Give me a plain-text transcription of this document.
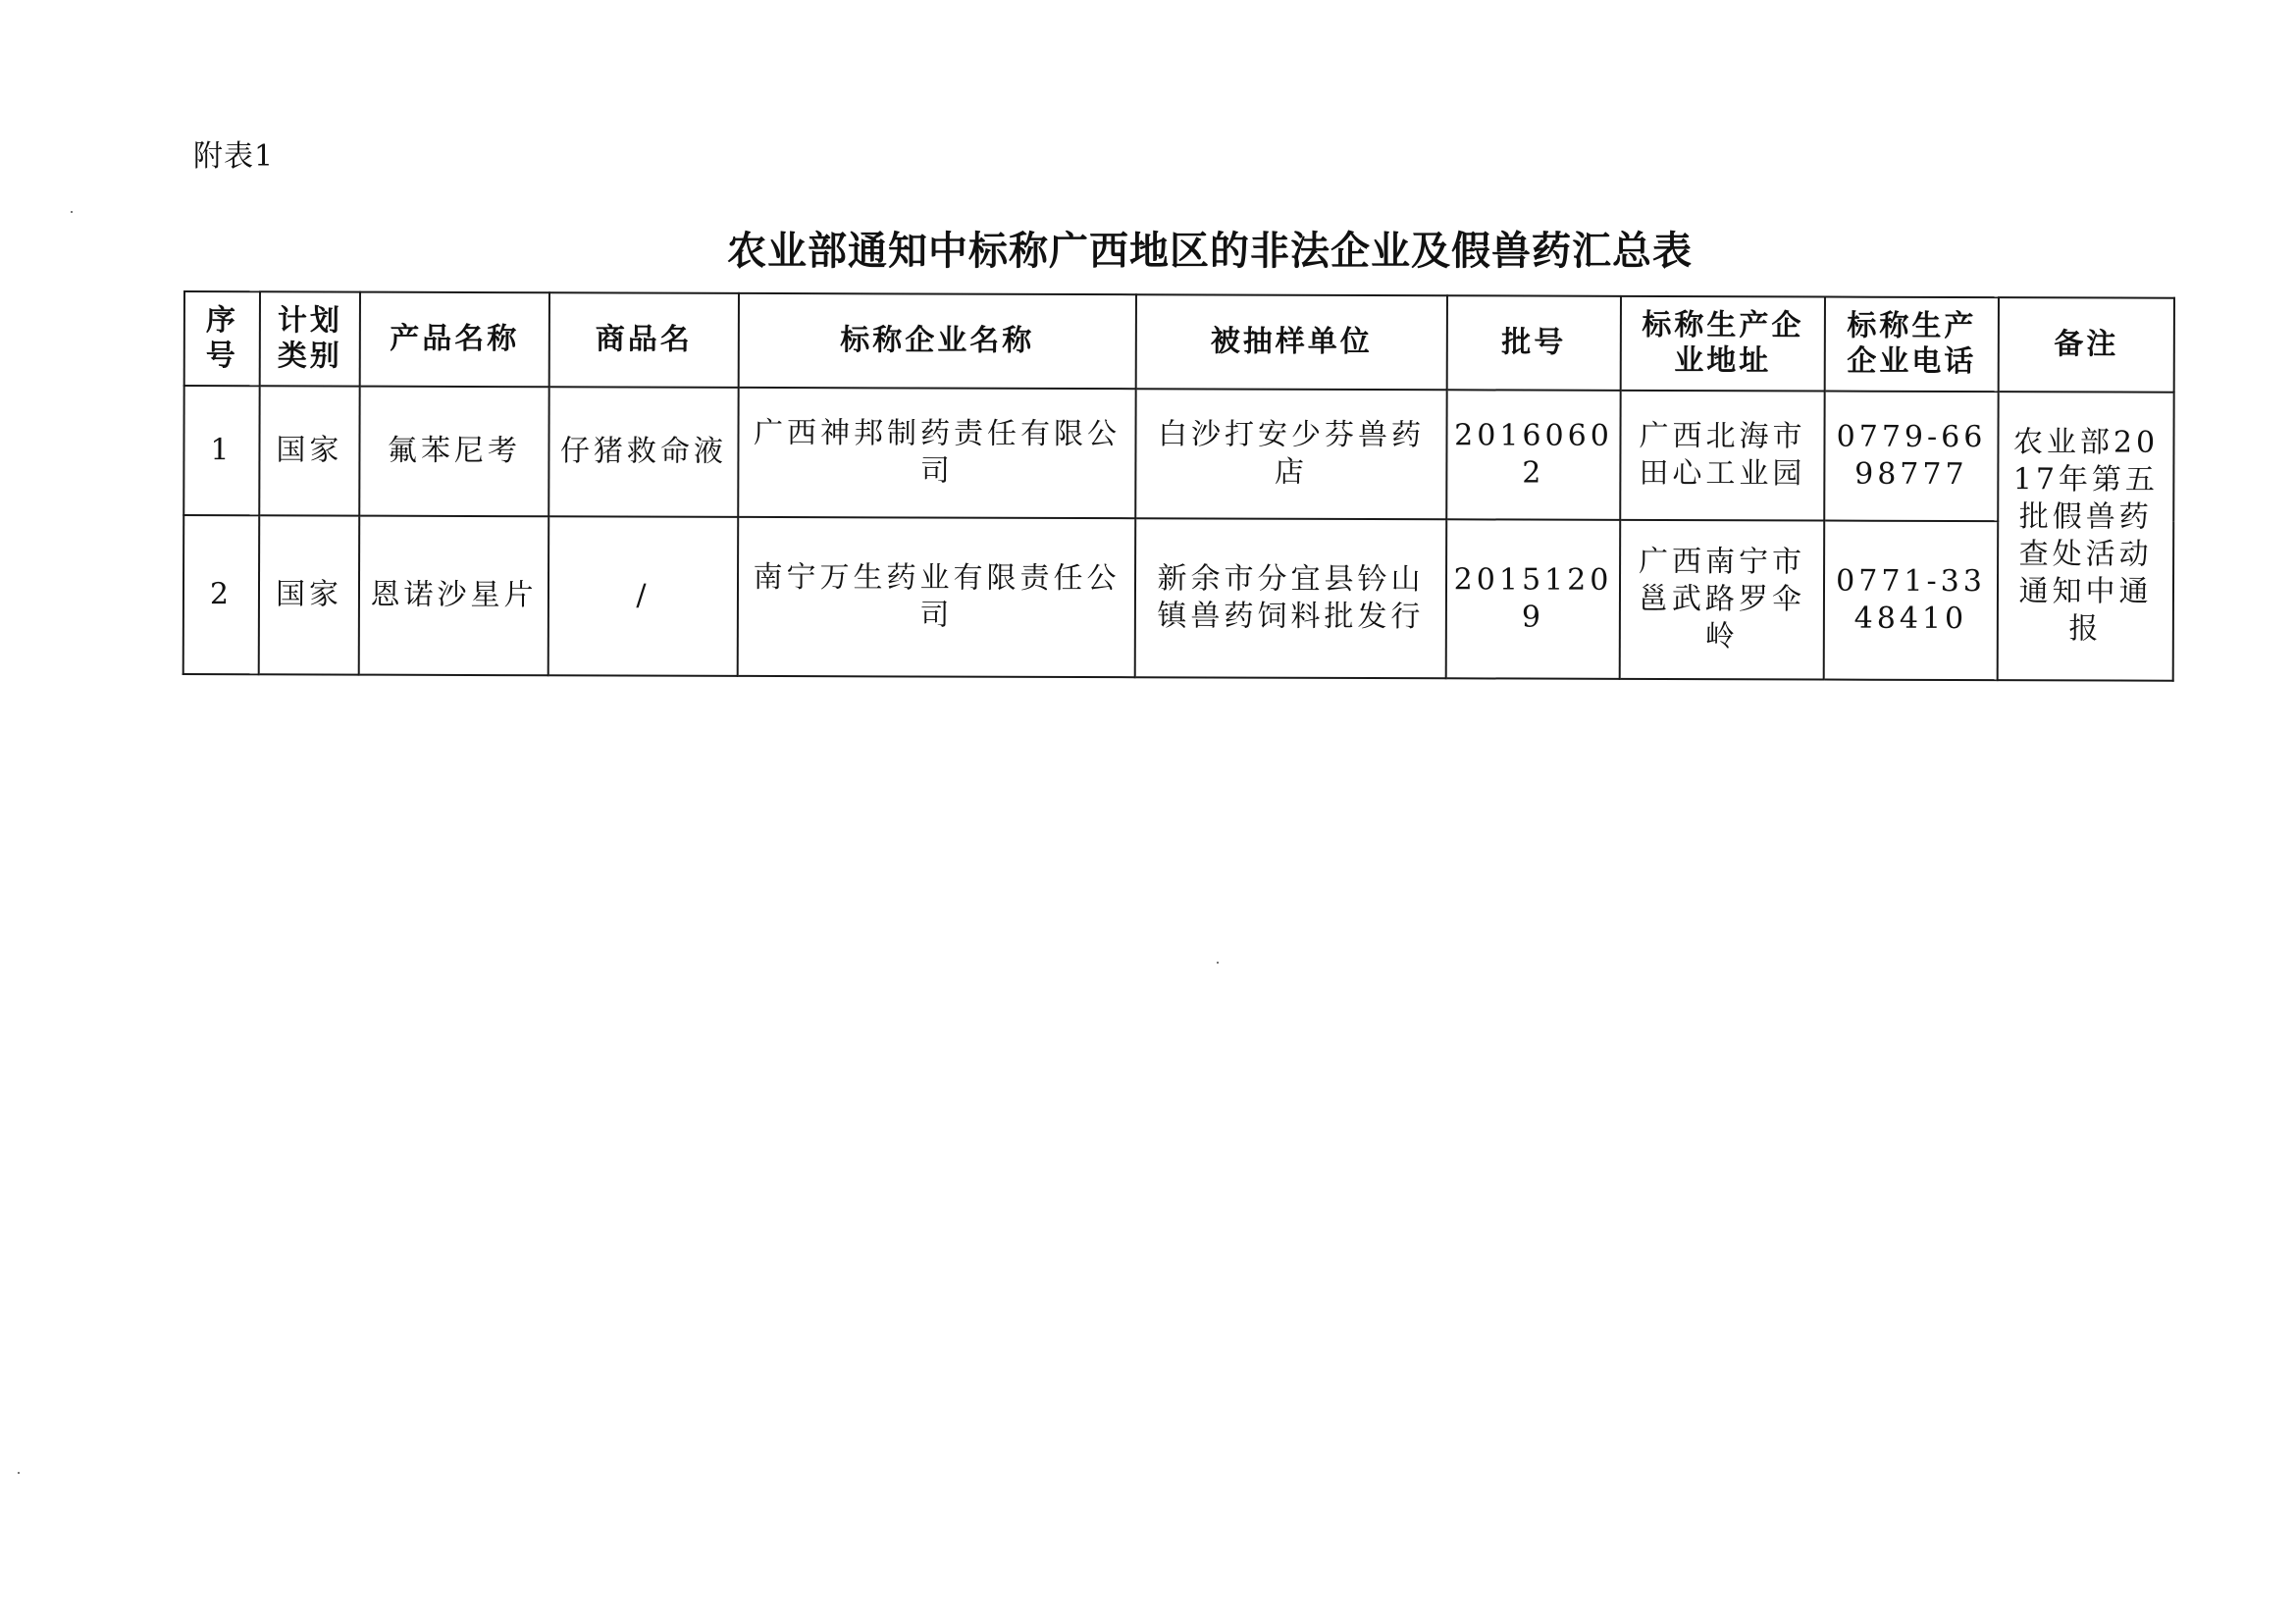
附表1
农业部通知中标称广西地区的非法企业及假兽药汇总表
序号	计划类别	产品名称	商品名	标称企业名称	被抽样单位	批号	标称生产企业地址	标称生产企业电话	备注
1	国家	氟苯尼考	仔猪救命液	广西神邦制药责任有限公司	白沙打安少芬兽药店	20160602	广西北海市田心工业园	0779-6698777	农业部2017年第五批假兽药查处活动通知中通报
2	国家	恩诺沙星片	/	南宁万生药业有限责任公司	新余市分宜县钤山镇兽药饲料批发行	20151209	广西南宁市邕武路罗伞岭	0771-3348410	
